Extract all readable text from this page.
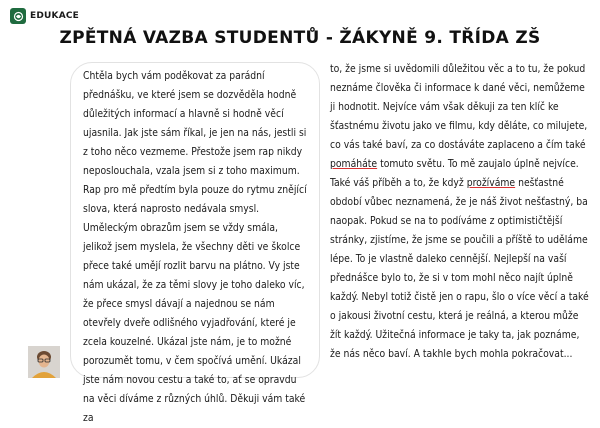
EDUKACE
ZPĚTNÁ VAZBA STUDENTŮ - ŽÁKYNĚ 9. TŘÍDA ZŠ

Chtěla bych vám poděkovat za parádní přednášku, ve které jsem se dozvěděla hodně důležitých informací a hlavně si hodně věcí ujasnila. Jak jste sám říkal, je jen na nás, jestli si z toho něco vezmeme. Přestože jsem rap nikdy neposlouchala, vzala jsem si z toho maximum. Rap pro mě předtím byla pouze do rytmu znějící slova, která naprosto nedávala smysl. Uměleckým obrazům jsem se vždy smála, jelikož jsem myslela, že všechny děti ve školce přece také umějí rozlit barvu na plátno. Vy jste nám ukázal, že za těmi slovy je toho daleko víc, že přece smysl dávají a najednou se nám otevřely dveře odlišného vyjadřování, které je zcela kouzelné. Ukázal jste nám, je to možné porozumět tomu, v čem spočívá umění. Ukázal jste nám novou cestu a také to, ať se opravdu na věci díváme z různých úhlů. Děkuji vám také za

to, že jsme si uvědomili důležitou věc a to tu, že pokud neznáme člověka či informace k dané věci, nemůžeme ji hodnotit. Nejvíce vám však děkuji za ten klíč ke šťastnému životu jako ve filmu, kdy děláte, co milujete, co vás také baví, za co dostáváte zaplaceno a čím také pomáháte tomuto světu. To mě zaujalo úplně nejvíce. Také váš příběh a to, že když prožíváme nešťastné období vůbec neznamená, že je náš život nešťastný, ba naopak. Pokud se na to podíváme z optimističtější stránky, zjistíme, že jsme se poučili a příště to uděláme lépe. To je vlastně daleko cennější. Nejlepší na vaší přednášce bylo to, že si v tom mohl něco najít úplně každý. Nebyl totiž čistě jen o rapu, šlo o více věcí a také o jakousi životní cestu, která je reálná, a kterou může žít každý. Užitečná informace je taky ta, jak poznáme, že nás něco baví. A takhle bych mohla pokračovat...
